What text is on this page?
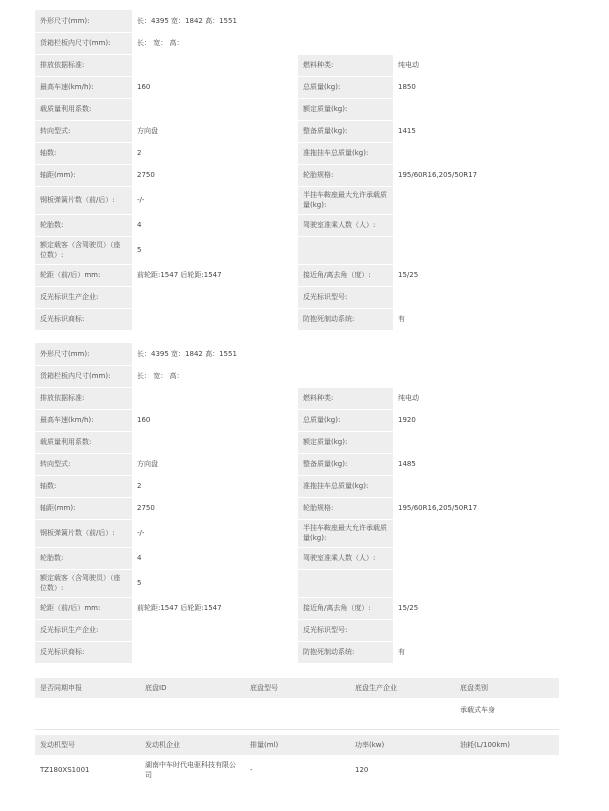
外形尺寸(mm):	长：4395 宽：1842 高：1551		
货箱栏板内尺寸(mm):	长： 宽： 高：		
排放依据标准:		燃料种类:	纯电动
最高车速(km/h):	160	总质量(kg):	1850
载质量利用系数:		额定质量(kg):	
转向型式:	方向盘	整备质量(kg):	1415
轴数:	2	准拖挂车总质量(kg):	
轴距(mm):	2750	轮胎规格:	195/60R16,205/50R17
钢板弹簧片数（前/后）:	-/-	半挂车鞍座最大允许承载质量(kg):	
轮胎数:	4	驾驶室准乘人数（人）:	
额定载客（含驾驶员）（座位数）:	5		
轮距（前/后）mm:	前轮距:1547 后轮距:1547	接近角/离去角（度）:	15/25
反光标识生产企业:		反光标识型号:	
反光标识商标:		防抱死制动系统:	有
外形尺寸(mm):	长：4395 宽：1842 高：1551		
货箱栏板内尺寸(mm):	长： 宽： 高：		
排放依据标准:		燃料种类:	纯电动
最高车速(km/h):	160	总质量(kg):	1920
载质量利用系数:		额定质量(kg):	
转向型式:	方向盘	整备质量(kg):	1485
轴数:	2	准拖挂车总质量(kg):	
轴距(mm):	2750	轮胎规格:	195/60R16,205/50R17
钢板弹簧片数（前/后）:	-/-	半挂车鞍座最大允许承载质量(kg):	
轮胎数:	4	驾驶室准乘人数（人）:	
额定载客（含驾驶员）（座位数）:	5		
轮距（前/后）mm:	前轮距:1547 后轮距:1547	接近角/离去角（度）:	15/25
反光标识生产企业:		反光标识型号:	
反光标识商标:		防抱死制动系统:	有
是否同期申报	底盘ID	底盘型号	底盘生产企业	底盘类别
				承载式车身
发动机型号	发动机企业	排量(ml)	功率(kw)	油耗(L/100km)
TZ180XS1001	湖南中车时代电驱科技有限公司	-	120	
